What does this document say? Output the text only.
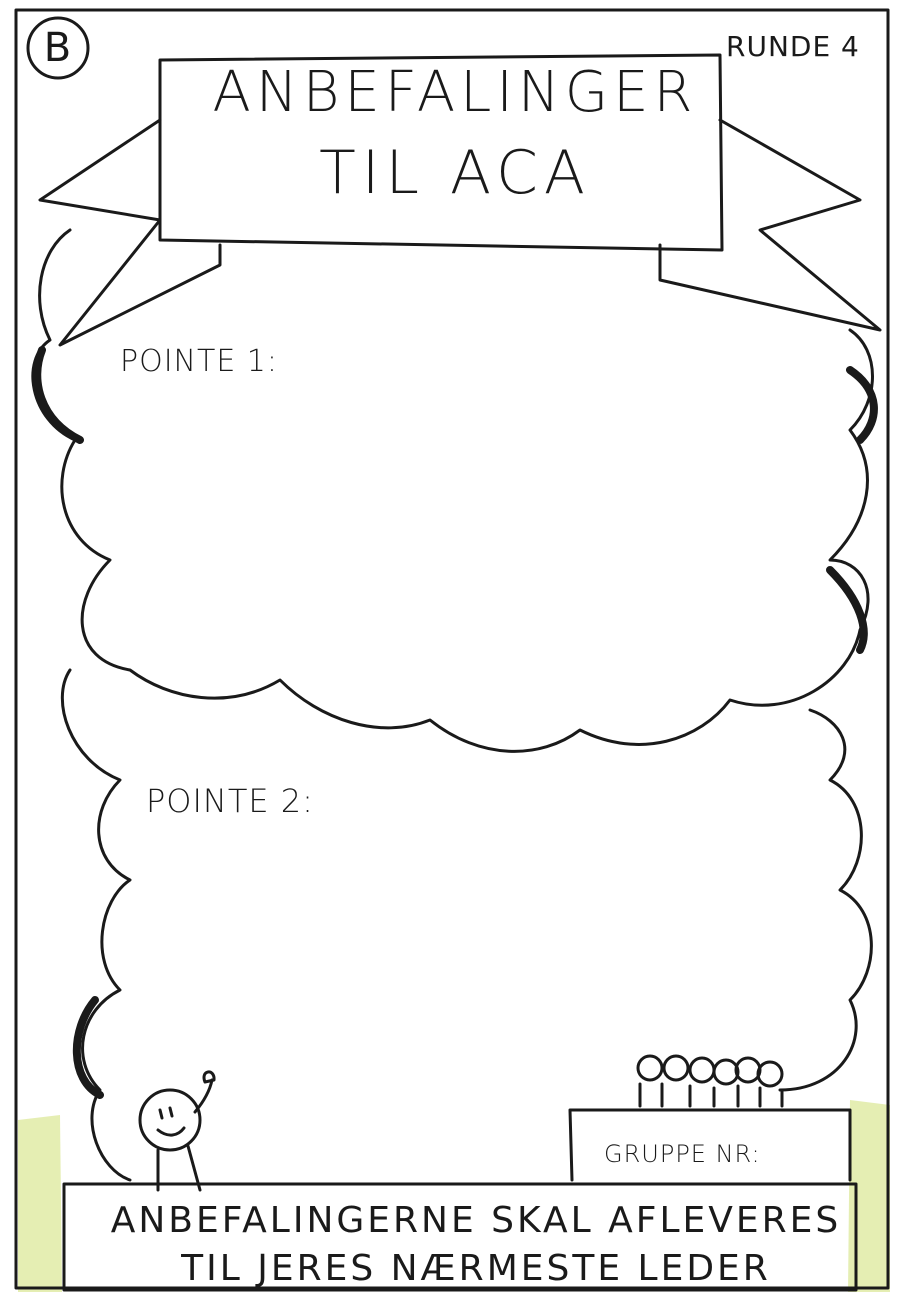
B	RUNDE 4
ANBEFALINGER
TIL ACA
POINTE 1:
POINTE 2:
GRUPPE NR:
ANBEFALINGERNE SKAL AFLEVERES
TIL JERES NÆRMESTE LEDER
